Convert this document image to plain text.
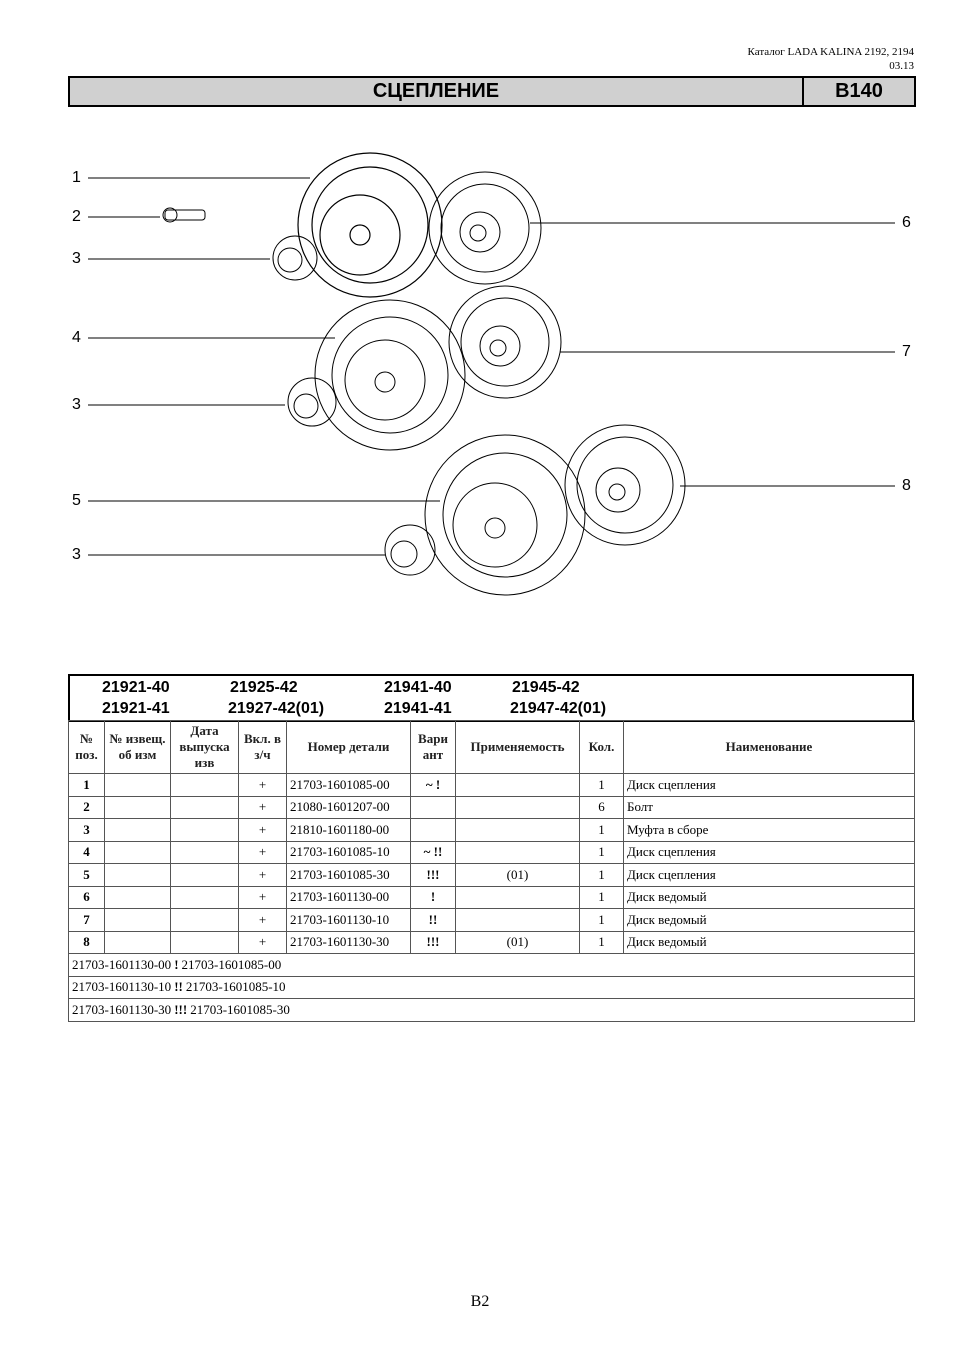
Каталог LADA KALINA 2192, 2194
03.13
СЦЕПЛЕНИЕ	B140
1
2
3
4
3
5
3
6
7
8
21921-40	21925-42	21941-40	21945-42
21921-41	21927-42(01)	21941-41	21947-42(01)
№ поз.	№ извещ. об изм	Дата выпуска изв	Вкл. в з/ч	Номер детали	Вари ант	Применяемость	Кол.	Наименование
1			+	21703-1601085-00	~ !		1	Диск сцепления
2			+	21080-1601207-00			6	Болт
3			+	21810-1601180-00			1	Муфта в сборе
4			+	21703-1601085-10	~ !!		1	Диск сцепления
5			+	21703-1601085-30	!!!	(01)	1	Диск сцепления
6			+	21703-1601130-00	!		1	Диск ведомый
7			+	21703-1601130-10	!!		1	Диск ведомый
8			+	21703-1601130-30	!!!	(01)	1	Диск ведомый
21703-1601130-00 ! 21703-1601085-00								
21703-1601130-10 !! 21703-1601085-10								
21703-1601130-30 !!! 21703-1601085-30								
B2
